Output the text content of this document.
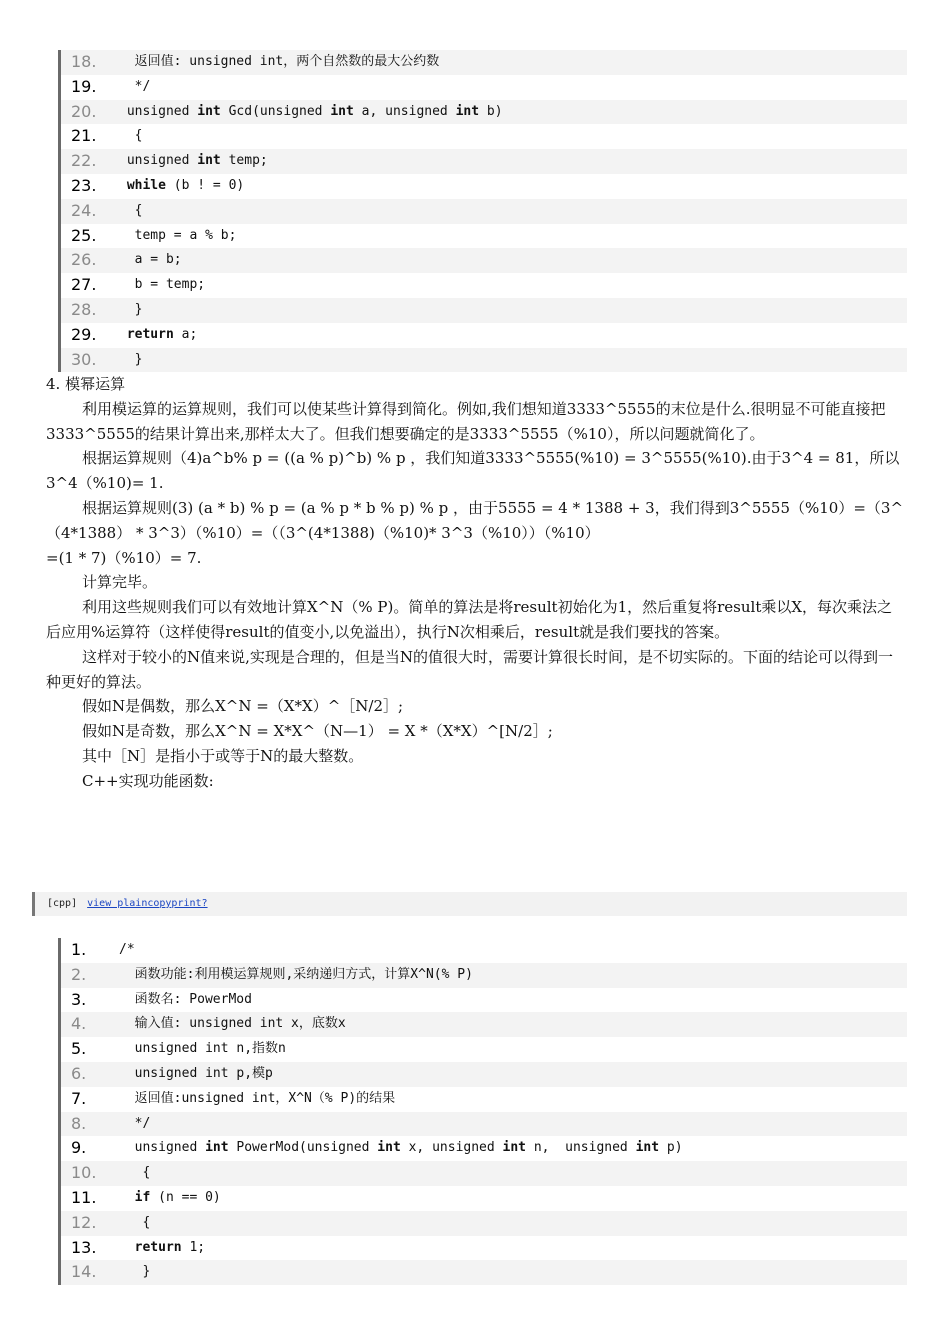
18.	返回值: unsigned int，两个自然数的最大公约数
19.	*/
20.	unsigned int Gcd(unsigned int a, unsigned int b)
21.	{
22.	unsigned int temp;
23.	while (b ! = 0)
24.	{
25.	temp = a % b;
26.	a = b;
27.	b = temp;
28.	}
29.	return a;
30.	}

4. 模幂运算

利用模运算的运算规则，我们可以使某些计算得到简化。例如,我们想知道3333^5555的末位是什么.很明显不可能直接把3333^5555的结果计算出来,那样太大了。但我们想要确定的是3333^5555（%10），所以问题就简化了。

根据运算规则（4)a^b% p = ((a % p)^b) % p ，我们知道3333^5555(%10) = 3^5555(%10).由于3^4 = 81，所以3^4（%10)= 1.

根据运算规则(3) (a * b) % p = (a % p * b % p) % p ，由于5555 = 4 * 1388 + 3，我们得到3^5555（%10）=（3^（4*1388） * 3^3）（%10）=（（3^(4*1388)（%10)* 3^3（%10））（%10）

=(1 * 7)（%10）= 7.

计算完毕。

利用这些规则我们可以有效地计算X^N（% P)。简单的算法是将result初始化为1，然后重复将result乘以X，每次乘法之后应用%运算符（这样使得result的值变小,以免溢出），执行N次相乘后，result就是我们要找的答案。

这样对于较小的N值来说,实现是合理的，但是当N的值很大时，需要计算很长时间，是不切实际的。下面的结论可以得到一种更好的算法。

假如N是偶数，那么X^N =（X*X）^［N/2］;

假如N是奇数，那么X^N = X*X^（N—1） = X *（X*X）^[N/2］;

其中［N］是指小于或等于N的最大整数。

C++实现功能函数:

[cpp] view plaincopyprint?
1.	/*
2.	函数功能:利用模运算规则,采纳递归方式，计算X^N(% P)
3.	函数名: PowerMod
4.	输入值: unsigned int x，底数x
5.	unsigned int n,指数n
6.	unsigned int p,模p
7.	返回值:unsigned int，X^N（% P)的结果
8.	*/
9.	unsigned int PowerMod(unsigned int x, unsigned int n,  unsigned int p)
10.	{
11.	if (n == 0)
12.	{
13.	return 1;
14.	}
